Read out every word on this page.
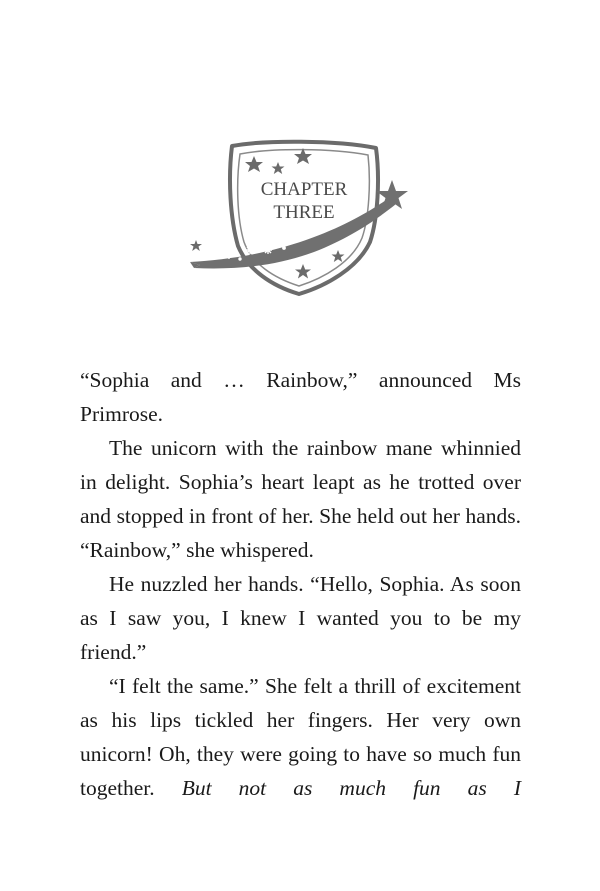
CHAPTER
THREE

“Sophia and … Rainbow,” announced Ms Primrose.

The unicorn with the rainbow mane whinnied in delight. Sophia’s heart leapt as he trotted over and stopped in front of her. She held out her hands. “Rainbow,” she whispered.

He nuzzled her hands. “Hello, Sophia. As soon as I saw you, I knew I wanted you to be my friend.”

“I felt the same.” She felt a thrill of excitement as his lips tickled her fingers. Her very own unicorn! Oh, they were going to have so much fun together. But not as much fun as I
